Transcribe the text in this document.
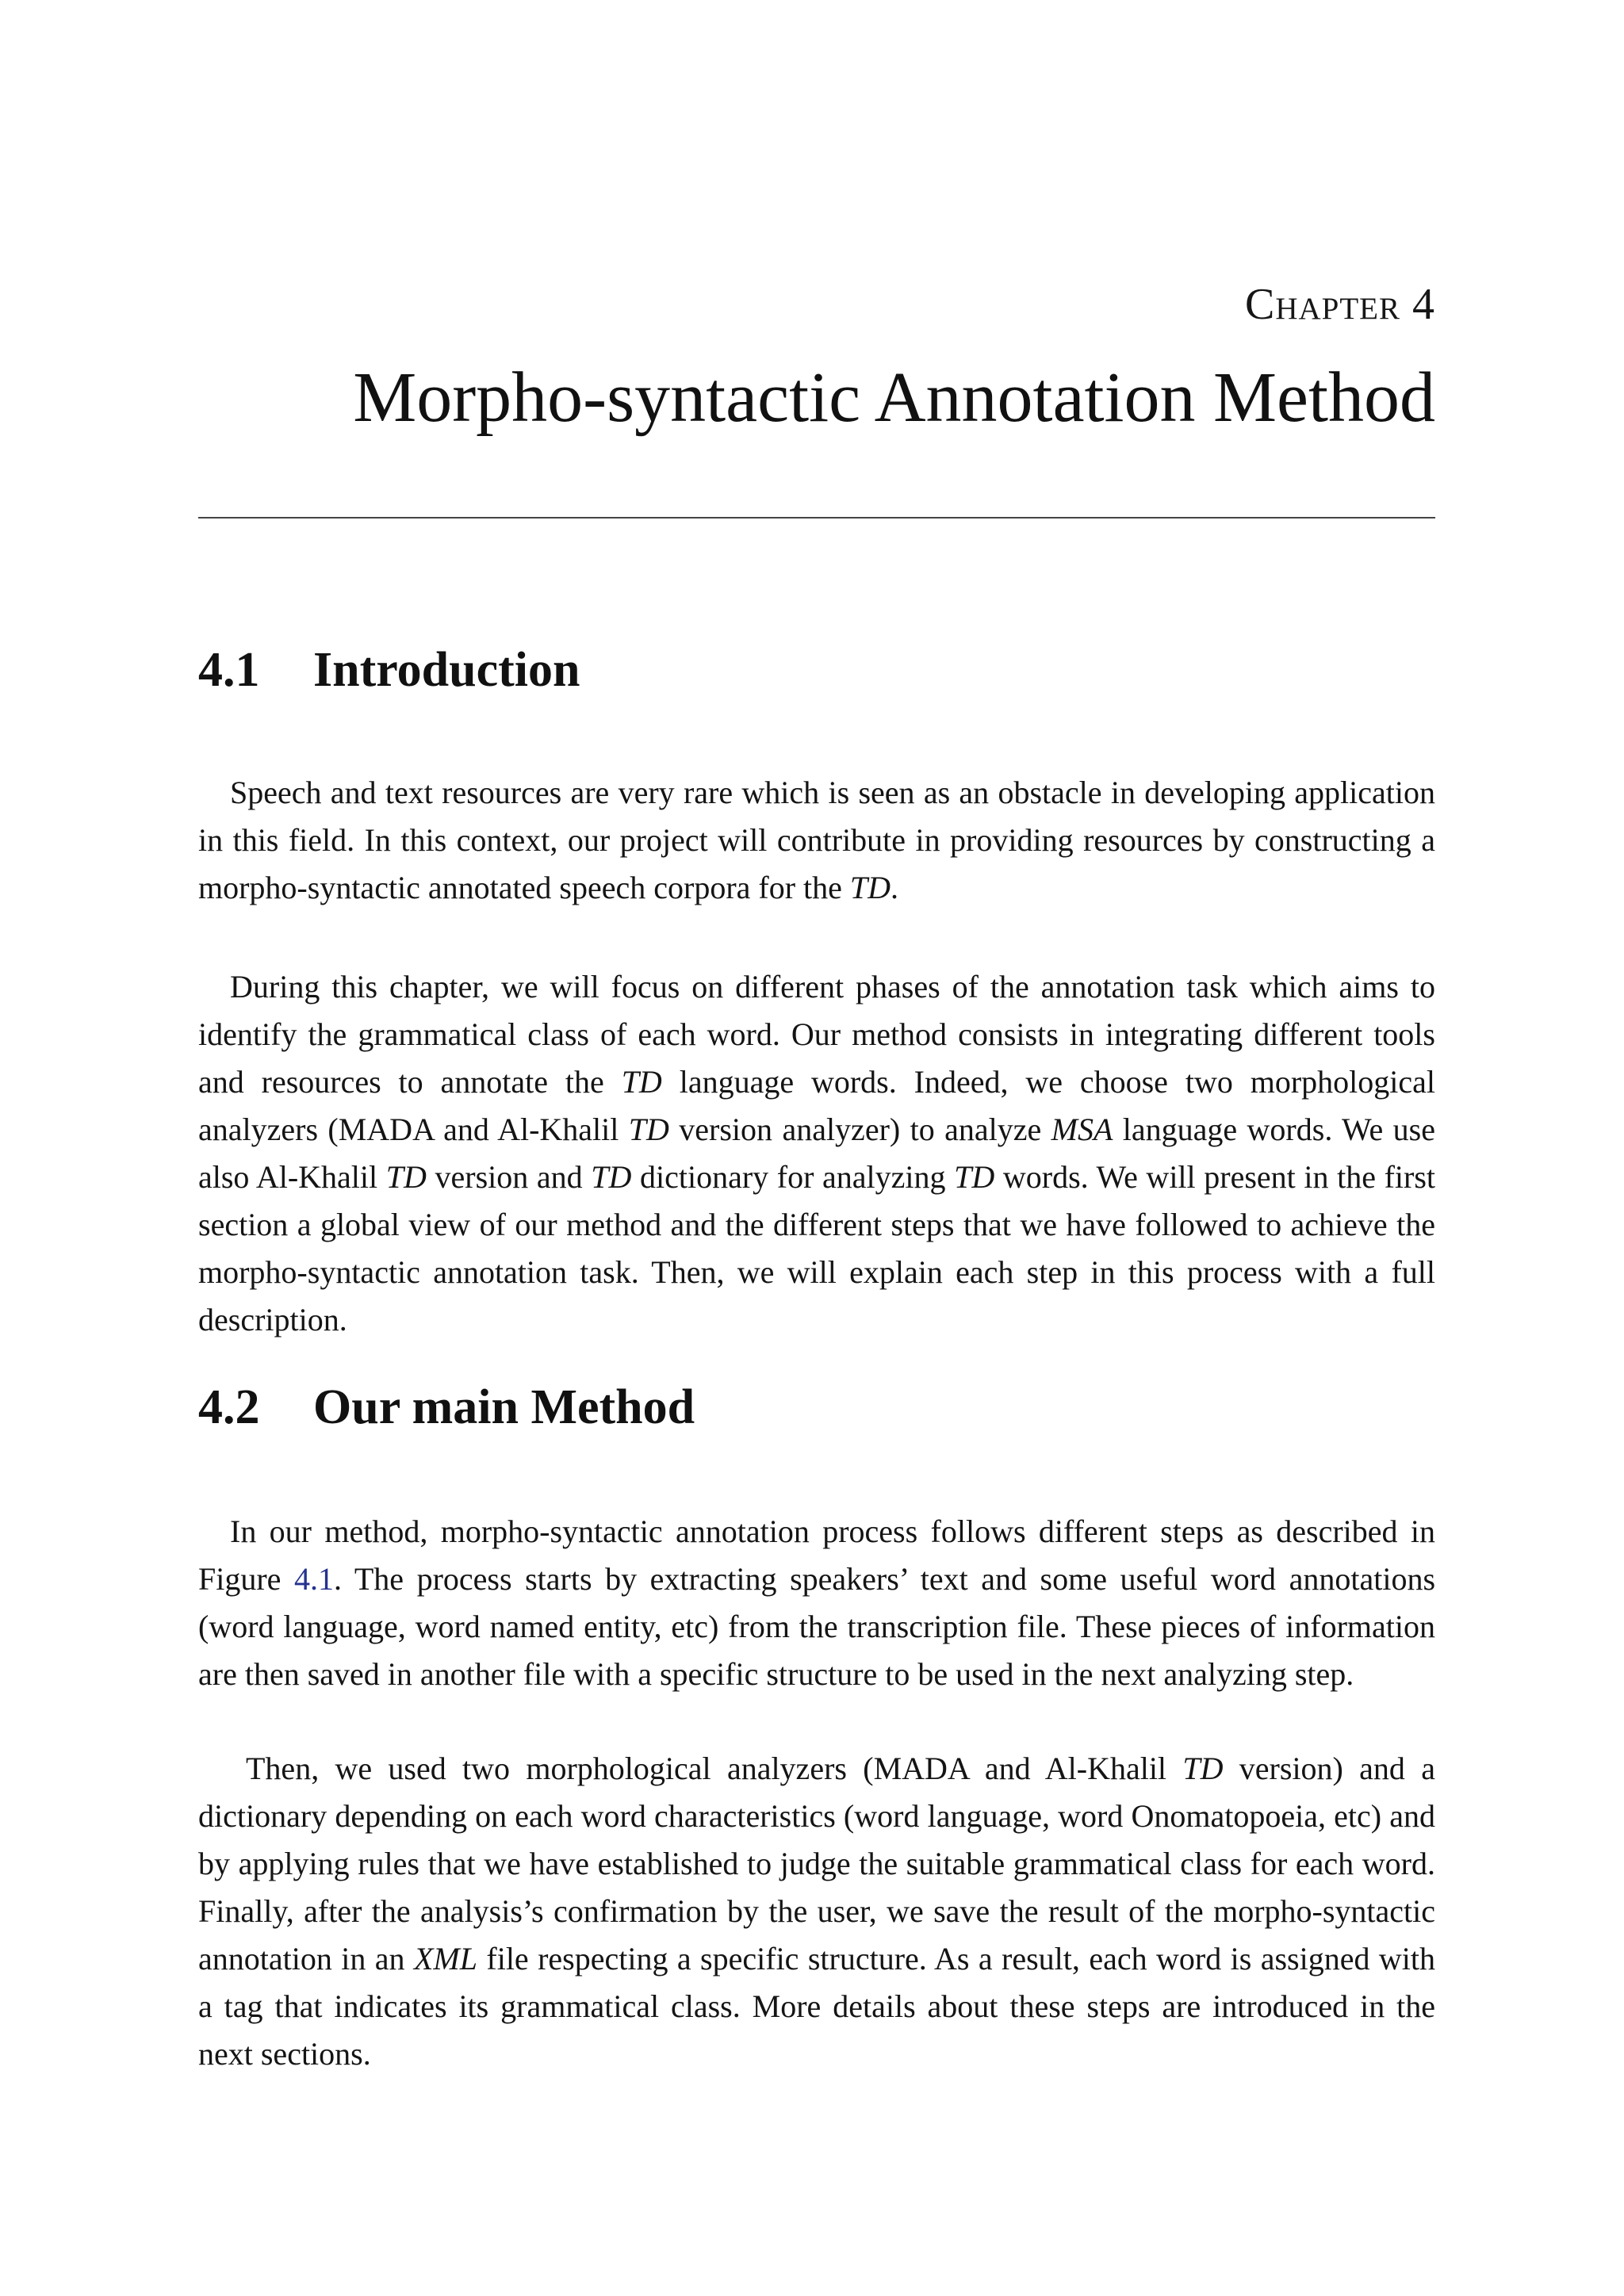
Chapter 4
Morpho-syntactic Annotation Method
4.1 Introduction

Speech and text resources are very rare which is seen as an obstacle in developing application in this field. In this context, our project will contribute in providing resources by constructing a morpho-syntactic annotated speech corpora for the TD.

During this chapter, we will focus on different phases of the annotation task which aims to identify the grammatical class of each word. Our method consists in integrating different tools and resources to annotate the TD language words. Indeed, we choose two morphological analyzers (MADA and Al-Khalil TD version analyzer) to analyze MSA language words. We use also Al-Khalil TD version and TD dictionary for analyzing TD words. We will present in the first section a global view of our method and the different steps that we have followed to achieve the morpho-syntactic annotation task. Then, we will explain each step in this process with a full description.

4.2 Our main Method

In our method, morpho-syntactic annotation process follows different steps as described in Figure 4.1. The process starts by extracting speakers’ text and some useful word annotations (word language, word named entity, etc) from the transcription file. These pieces of information are then saved in another file with a specific structure to be used in the next analyzing step.

Then, we used two morphological analyzers (MADA and Al-Khalil TD version) and a dictionary depending on each word characteristics (word language, word Onomatopoeia, etc) and by applying rules that we have established to judge the suitable grammatical class for each word. Finally, after the analysis’s confirmation by the user, we save the result of the morpho-syntactic annotation in an XML file respecting a specific structure. As a result, each word is assigned with a tag that indicates its grammatical class. More details about these steps are introduced in the next sections.
